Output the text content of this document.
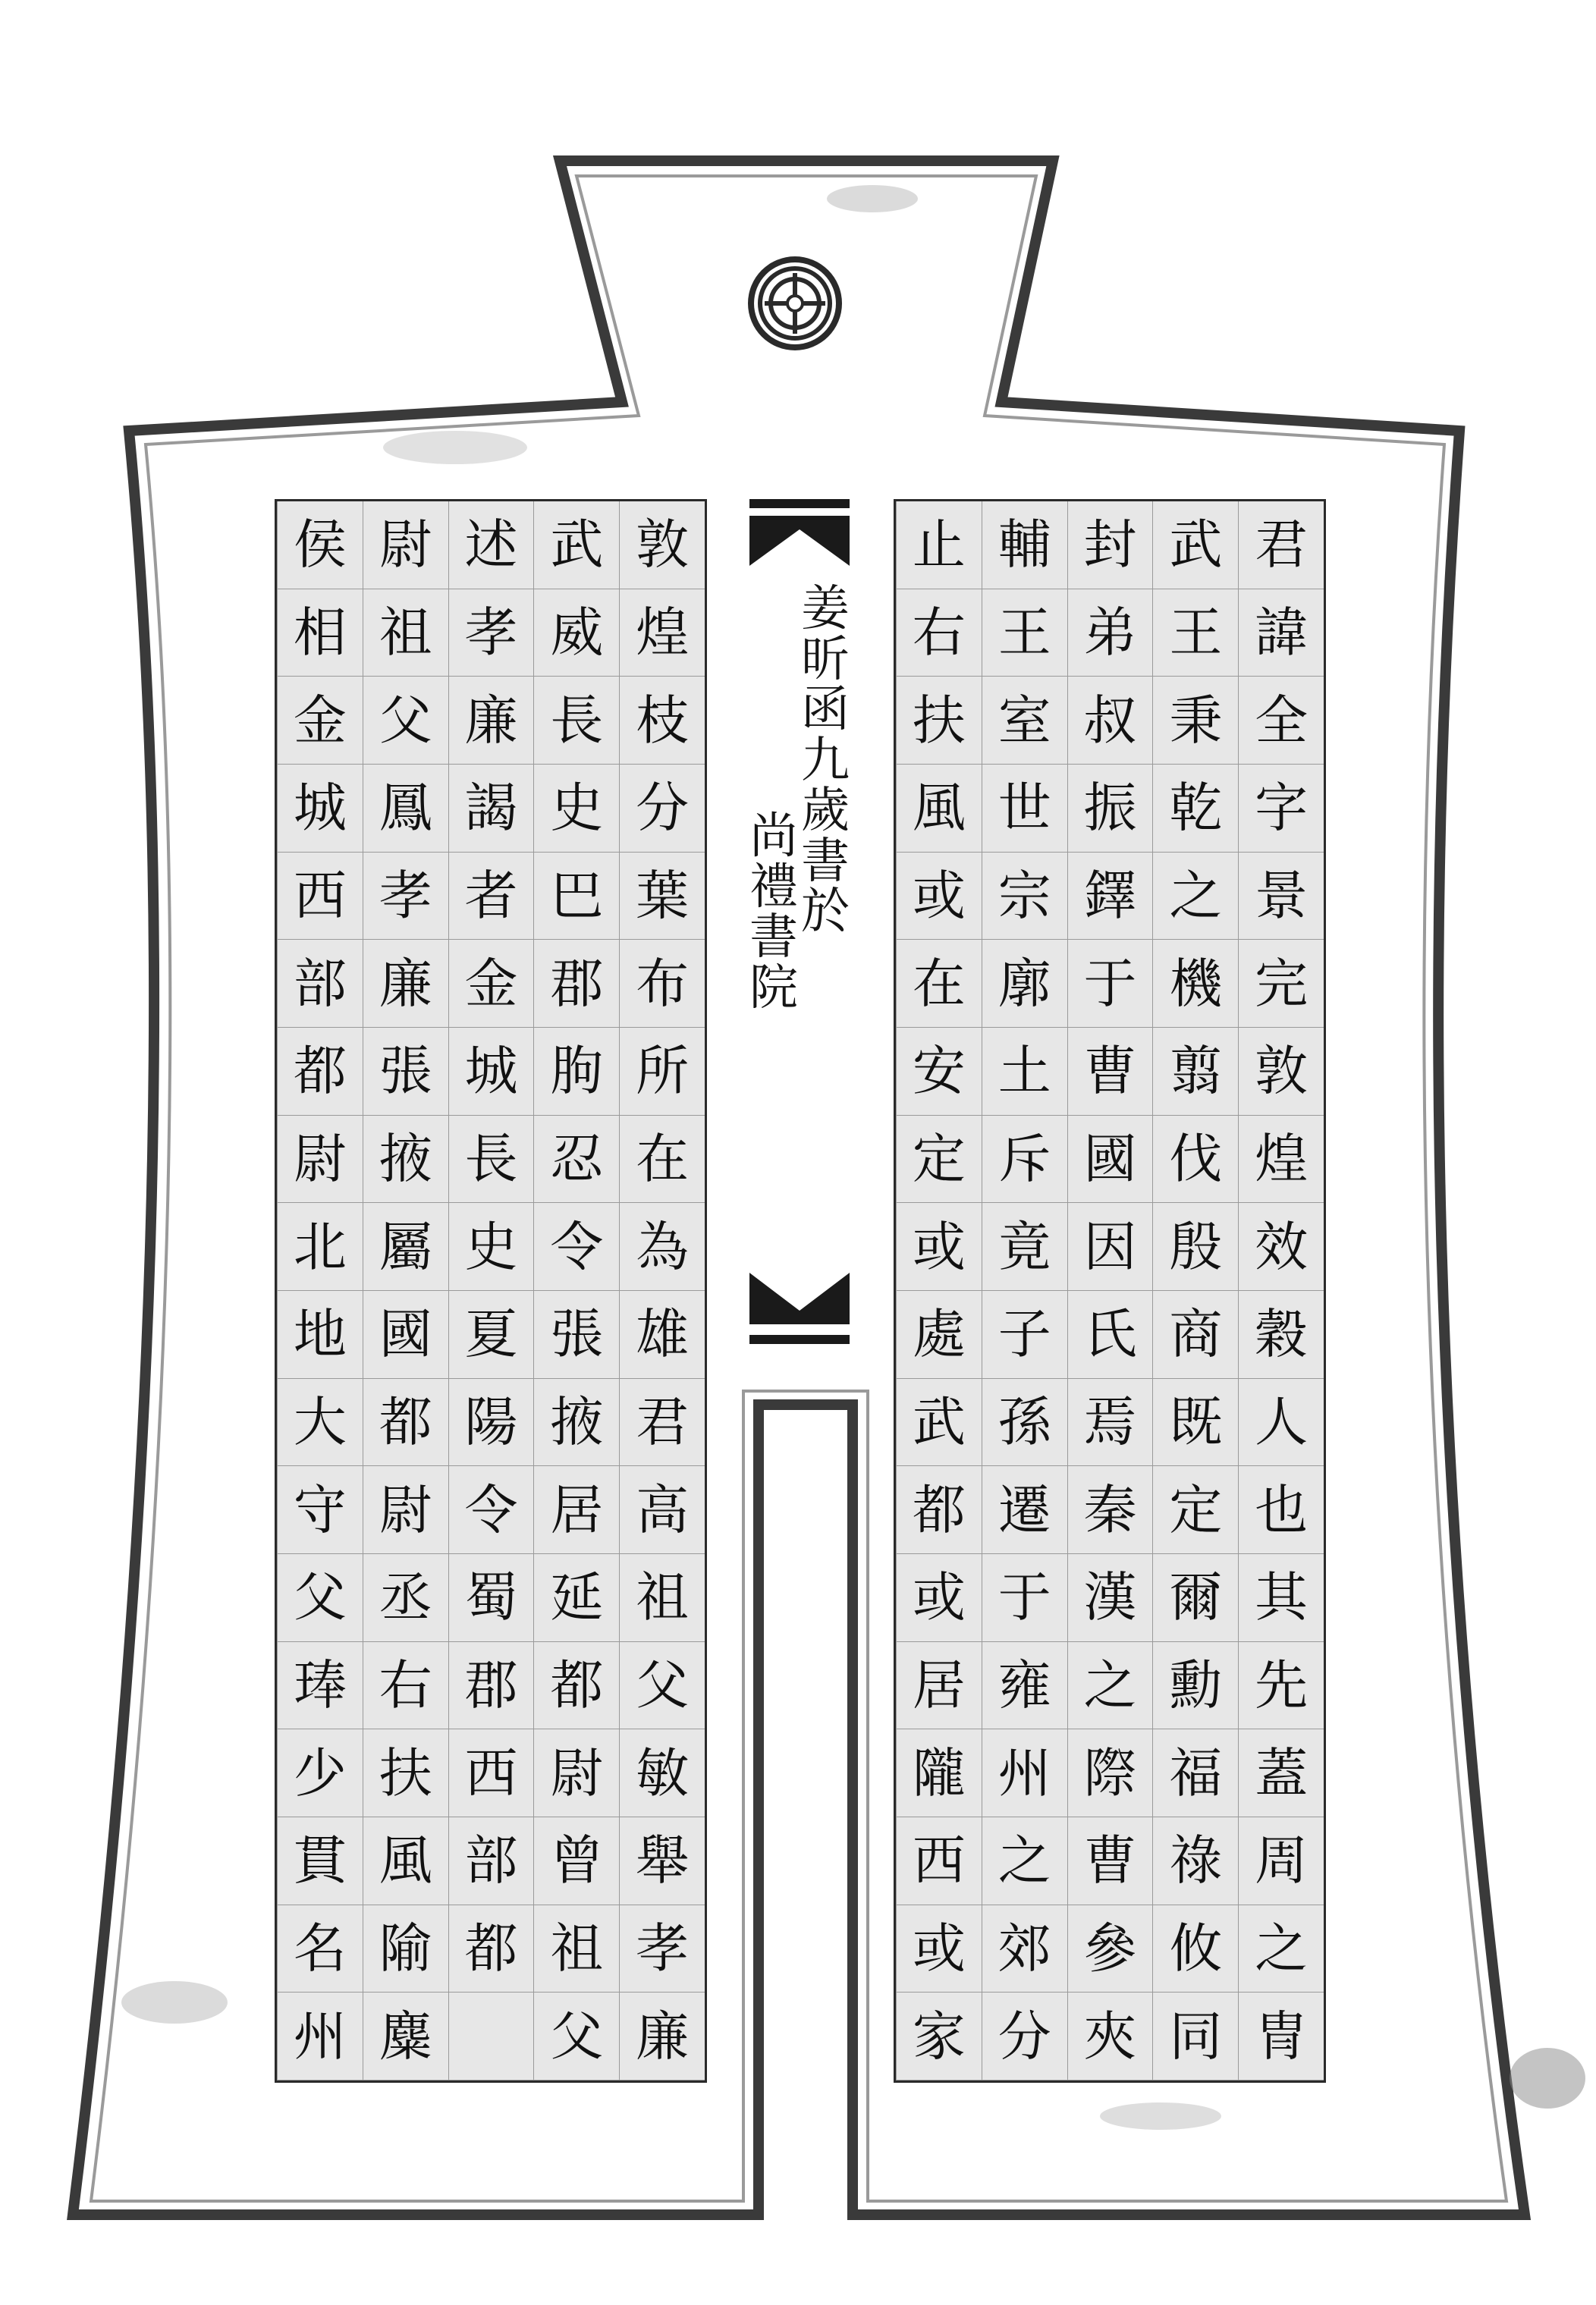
君
諱
全
字
景
完
敦
煌
效
穀
人
也
其
先
蓋
周
之
冑
武
王
秉
乾
之
機
翦
伐
殷
商
既
定
爾
勳
福
祿
攸
同
封
弟
叔
振
鐸
于
曹
國
因
氏
焉
秦
漢
之
際
曹
參
夾
輔
王
室
世
宗
廓
土
斥
竟
子
孫
遷
于
雍
州
之
郊
分
止
右
扶
風
或
在
安
定
或
處
武
都
或
居
隴
西
或
家
敦
煌
枝
分
葉
布
所
在
為
雄
君
高
祖
父
敏
舉
孝
廉
武
威
長
史
巴
郡
朐
忍
令
張
掖
居
延
都
尉
曾
祖
父
述
孝
廉
謁
者
金
城
長
史
夏
陽
令
蜀
郡
西
部
都
尉
祖
父
鳳
孝
廉
張
掖
屬
國
都
尉
丞
右
扶
風
隃
麋
侯
相
金
城
西
部
都
尉
北
地
大
守
父
琫
少
貫
名
州
姜
昕
函
九
歲
書
於
尚
禮
書
院
